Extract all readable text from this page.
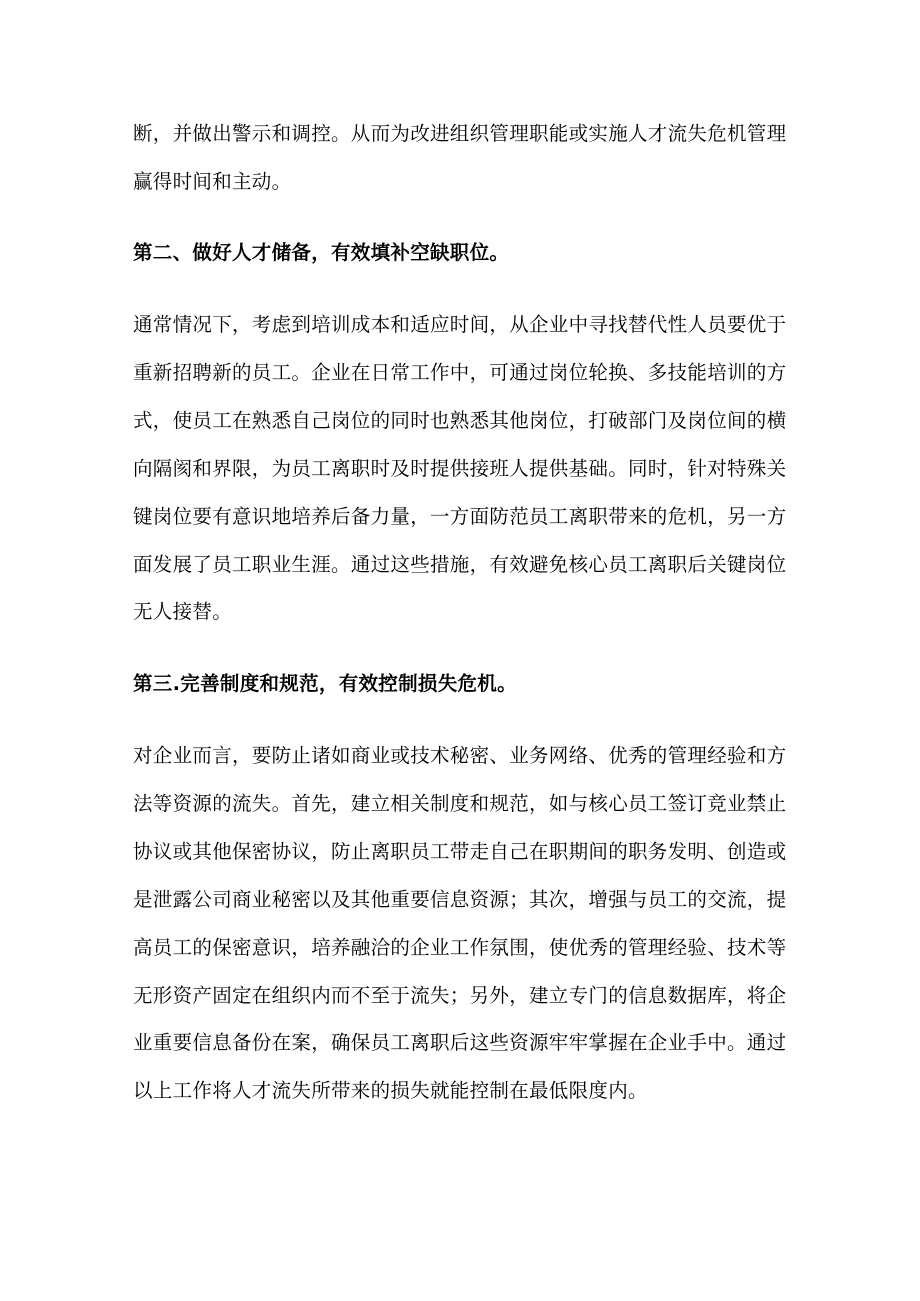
断，并做出警示和调控。从而为改进组织管理职能或实施人才流失危机管理
赢得时间和主动。
第二、做好人才储备，有效填补空缺职位。
通常情况下，考虑到培训成本和适应时间，从企业中寻找替代性人员要优于
重新招聘新的员工。企业在日常工作中，可通过岗位轮换、多技能培训的方
式，使员工在熟悉自己岗位的同时也熟悉其他岗位，打破部门及岗位间的横
向隔阂和界限，为员工离职时及时提供接班人提供基础。同时，针对特殊关
键岗位要有意识地培养后备力量，一方面防范员工离职带来的危机，另一方
面发展了员工职业生涯。通过这些措施，有效避免核心员工离职后关键岗位
无人接替。
第三.完善制度和规范，有效控制损失危机。
对企业而言，要防止诸如商业或技术秘密、业务网络、优秀的管理经验和方
法等资源的流失。首先，建立相关制度和规范，如与核心员工签订竞业禁止
协议或其他保密协议，防止离职员工带走自己在职期间的职务发明、创造或
是泄露公司商业秘密以及其他重要信息资源；其次，增强与员工的交流，提
高员工的保密意识，培养融洽的企业工作氛围，使优秀的管理经验、技术等
无形资产固定在组织内而不至于流失；另外，建立专门的信息数据库，将企
业重要信息备份在案，确保员工离职后这些资源牢牢掌握在企业手中。通过
以上工作将人才流失所带来的损失就能控制在最低限度内。
